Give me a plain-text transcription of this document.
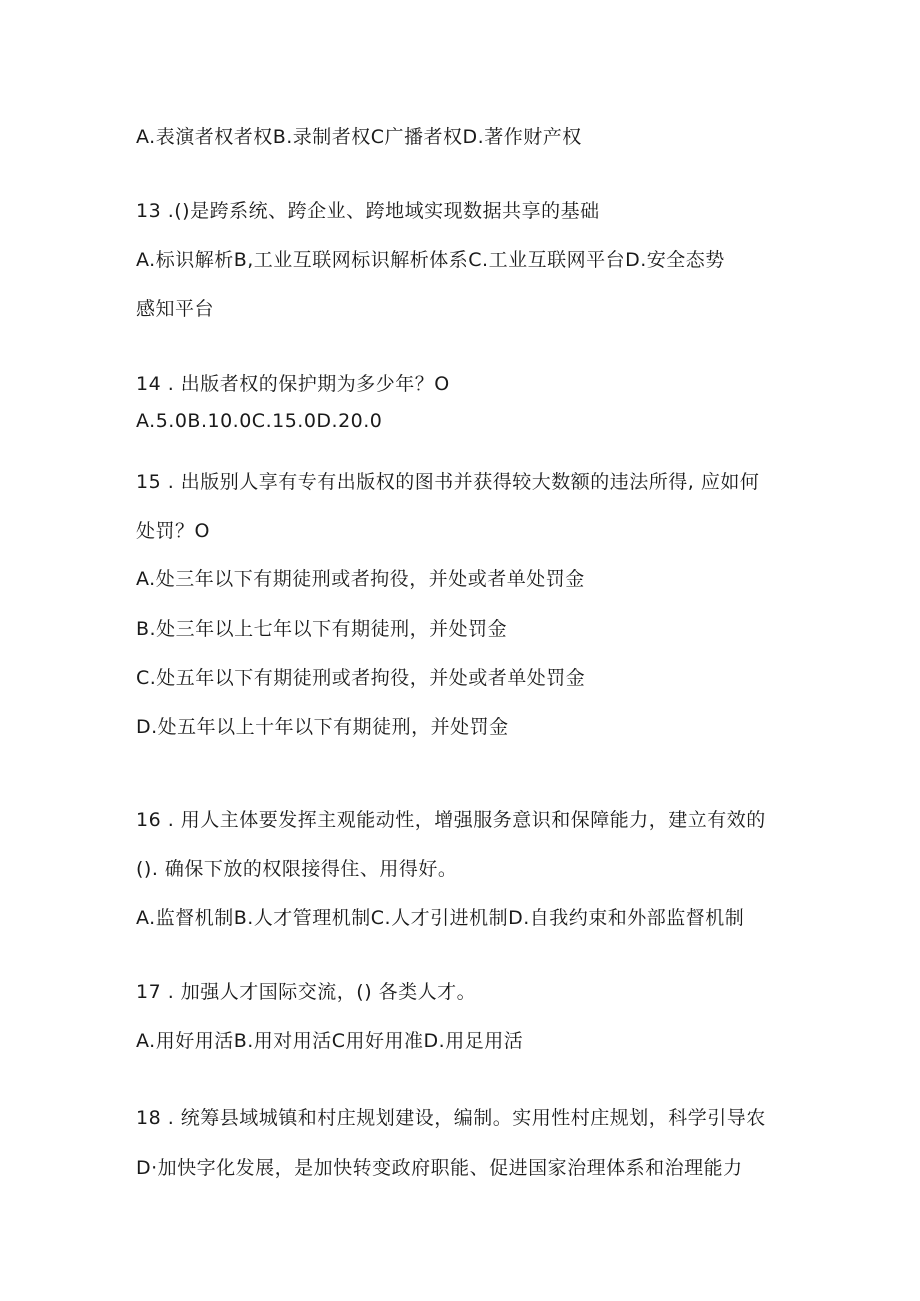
A.表演者权者权B.录制者权C广播者权D.著作财产权
13 .()是跨系统、跨企业、跨地域实现数据共享的基础
A.标识解析B,工业互联网标识解析体系C.工业互联网平台D.安全态势
感知平台
14 . 出版者权的保护期为多少年？O
A.5.0B.10.0C.15.0D.20.0
15 . 出版别人享有专有出版权的图书并获得较大数额的违法所得, 应如何
处罚？O
A.处三年以下有期徒刑或者拘役，并处或者单处罚金
B.处三年以上七年以下有期徒刑，并处罚金
C.处五年以下有期徒刑或者拘役，并处或者单处罚金
D.处五年以上十年以下有期徒刑，并处罚金
16 . 用人主体要发挥主观能动性，增强服务意识和保障能力，建立有效的
(). 确保下放的权限接得住、用得好。
A.监督机制B.人才管理机制C.人才引进机制D.自我约束和外部监督机制
17 . 加强人才国际交流，() 各类人才。
A.用好用活B.用对用活C用好用准D.用足用活
18 . 统筹县域城镇和村庄规划建设，编制。实用性村庄规划，科学引导农
D·加快字化发展，是加快转变政府职能、促进国家治理体系和治理能力
